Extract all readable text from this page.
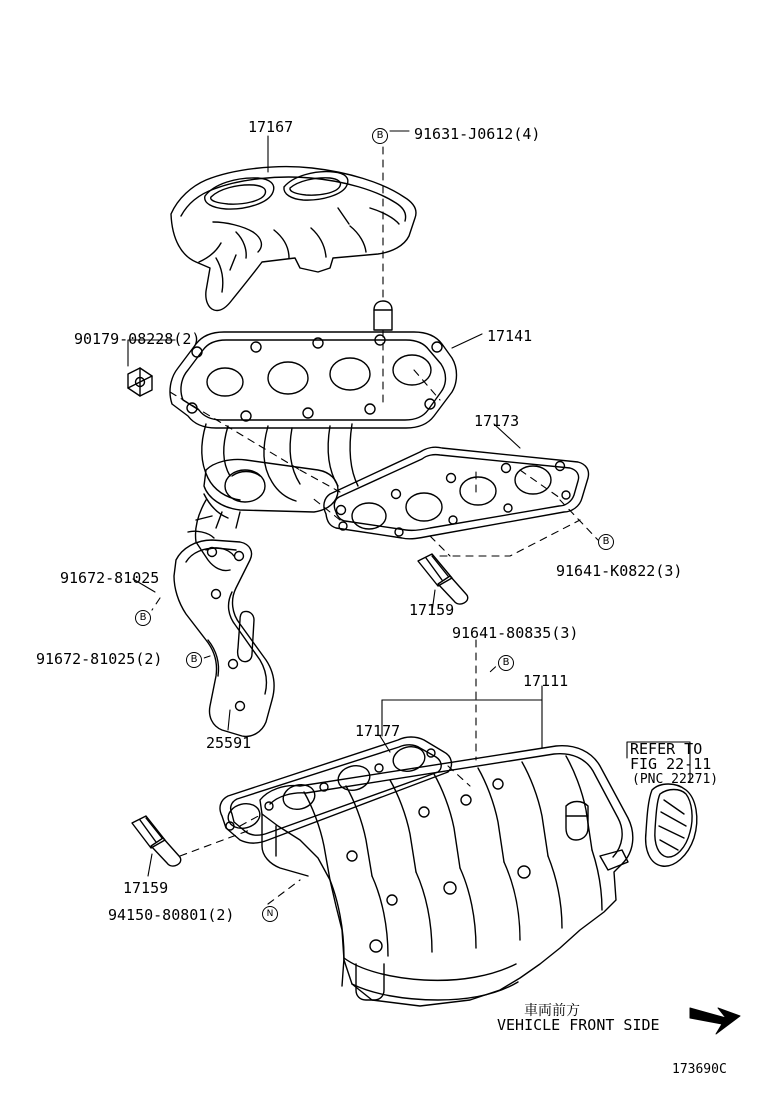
17167	91631-J0612(4)
90179-08228(2)	17141
17173
91641-K0822(3)
17159
91672-81025
91672-81025(2)
25591
91641-80835(3)
17111
17177
17159
94150-80801(2)
B
B
B
B	B
N
REFER TO
FIG 22-11
(PNC 22271)
車両前方
VEHICLE FRONT SIDE
173690C
